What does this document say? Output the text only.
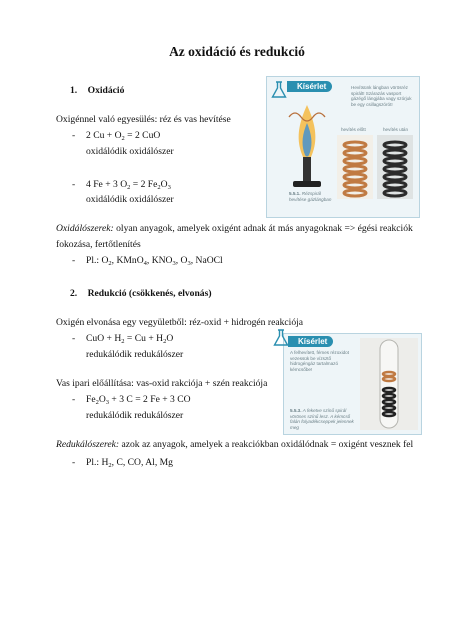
Az oxidáció és redukció
1. Oxidáció
Oxigénnel való egyesülés: réz és vas hevítése
- 2 $Cu + O_2 = 2$ CuO
oxidálódik oxidálószer
- 4 Fe + 3 $O_2 = 2$ $Fe_2O_3$
oxidálódik oxidálószer
Oxidálószerek: olyan anyagok, amelyek oxigént adnak át más anyagoknak => égési reakciók
fokozása, fertőtlenítés
- Pl.: $O_2$, KMnO$_4$, $KNO_3$, $O_3$, NaOCl
2. Redukció (csökkenés, elvonás)
Oxigén elvonása egy vegyületből: réz-oxid + hidrogén reakciója
- CuO + $H_2 = Cu + H_2O$
redukálódik redukálószer
Vas ipari előállítása: vas-oxid rakciója + szén reakciója
- $Fe_2O_3 + 3$ C = 2 Fe + 3 CO
redukálódik redukálószer
Redukálószerek: azok az anyagok, amelyek a reakciókban oxidálódnak = oxigént vesznek fel
- Pl.: $H_2$, C, CO, Al, Mg
Kísérlet	Hevítsünk lángban vörösréz spirált! Szárazás vasport gázégő lángjába vagy szórjuk be egy csillagszórót!
hevítés előtt	hevítés után
5.5.1. Rézspirál hevítése gázlángban
Kísérlet
A felhevített, fémes rézoxidot vezessük be vízsztő hidrogéngáz tartalmazó kémcsőbe!
5.5.3. A feketve színű spirál vöröses színű lesz. A kémcső falán folyadékcseppek jelennek meg
